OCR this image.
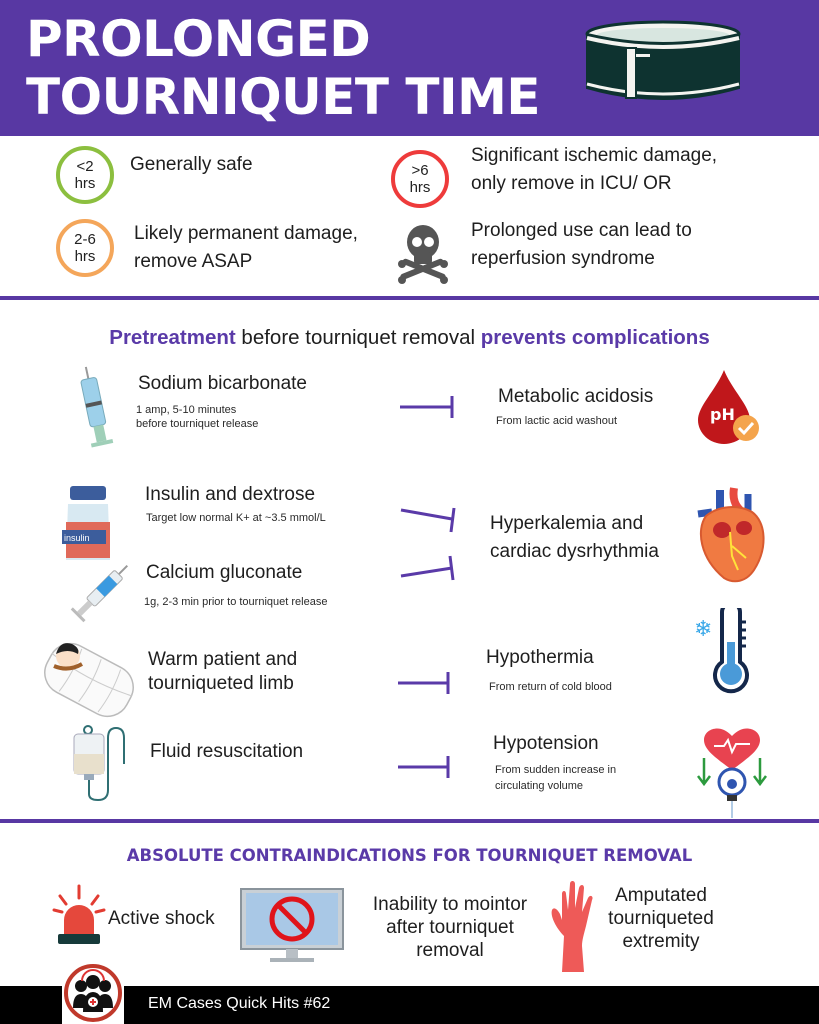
PROLONGED
TOURNIQUET TIME
<2
hrs
Generally safe	>6
hrs
Significant ischemic damage,
only remove in ICU/ OR
2-6
hrs
Likely permanent damage,
remove ASAP
Prolonged use can lead to
reperfusion syndrome
Pretreatment before tourniquet removal prevents complications
Sodium bicarbonate
1 amp, 5-10 minutes
before tourniquet release
Metabolic acidosis
From lactic acid washout	pH
insulin
Insulin and dextrose
Target low normal K+ at ~3.5 mmol/L
Calcium gluconate
1g, 2-3 min prior to tourniquet release
Hyperkalemia and
cardiac dysrhythmia
Warm patient and
tourniqueted limb
Hypothermia
From return of cold blood
❄
Fluid resuscitation	Hypotension
From sudden increase in
circulating volume
ABSOLUTE CONTRAINDICATIONS FOR TOURNIQUET REMOVAL
Active shock
Inability to mointor
after tourniquet
removal
Amputated
tourniqueted
extremity
EM Cases Quick Hits #62
